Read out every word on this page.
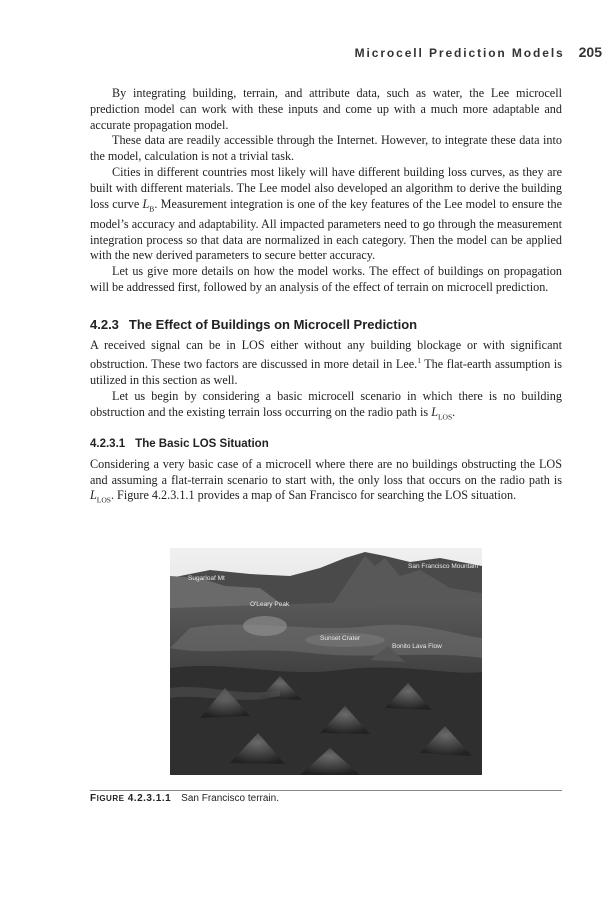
Microcell Prediction Models 205

By integrating building, terrain, and attribute data, such as water, the Lee microcell prediction model can work with these inputs and come up with a much more adaptable and accurate propagation model.

These data are readily accessible through the Internet. However, to integrate these data into the model, calculation is not a trivial task.

Cities in different countries most likely will have different building loss curves, as they are built with different materials. The Lee model also developed an algorithm to derive the building loss curve $L_B$. Measurement integration is one of the key features of the Lee model to ensure the model’s accuracy and adaptability. All impacted parameters need to go through the measurement integration process so that data are normalized in each category. Then the model can be applied with the new derived parameters to secure better accuracy.

Let us give more details on how the model works. The effect of buildings on propagation will be addressed first, followed by an analysis of the effect of terrain on microcell prediction.

4.2.3 The Effect of Buildings on Microcell Prediction

A received signal can be in LOS either without any building blockage or with significant obstruction. These two factors are discussed in more detail in Lee.$^1$ The flat-earth assumption is utilized in this section as well.

Let us begin by considering a basic microcell scenario in which there is no building obstruction and the existing terrain loss occurring on the radio path is $L_{LOS}$.

4.2.3.1 The Basic LOS Situation

Considering a very basic case of a microcell where there are no buildings obstructing the LOS and assuming a flat-terrain scenario to start with, the only loss that occurs on the radio path is $L_{LOS}$. Figure 4.2.3.1.1 provides a map of San Francisco for searching the LOS situation.

Sugarloaf Mt
Sunset Crater
Bonito Lava Flow
San Francisco Mountain
O'Leary Peak
FIGURE 4.2.3.1.1 San Francisco terrain.
